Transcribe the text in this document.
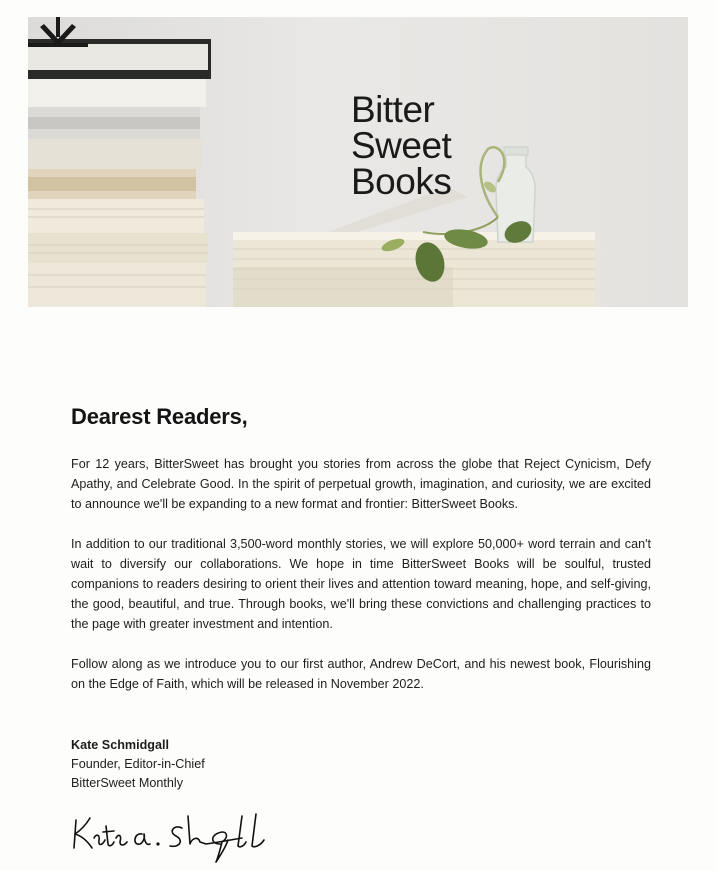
Bitter
Sweet
Books
Dearest Readers,

For 12 years, BitterSweet has brought you stories from across the globe that Reject Cynicism, Defy Apathy, and Celebrate Good. In the spirit of perpetual growth, imagination, and curiosity, we are excited to announce we'll be expanding to a new format and frontier: BitterSweet Books.

In addition to our traditional 3,500-word monthly stories, we will explore 50,000+ word terrain and can't wait to diversify our collaborations. We hope in time BitterSweet Books will be soulful, trusted companions to readers desiring to orient their lives and attention toward meaning, hope, and self-giving, the good, beautiful, and true. Through books, we'll bring these convictions and challenging practices to the page with greater investment and intention.

Follow along as we introduce you to our first author, Andrew DeCort, and his newest book, Flourishing on the Edge of Faith, which will be released in November 2022.

Kate Schmidgall
Founder, Editor-in-Chief
BitterSweet Monthly
